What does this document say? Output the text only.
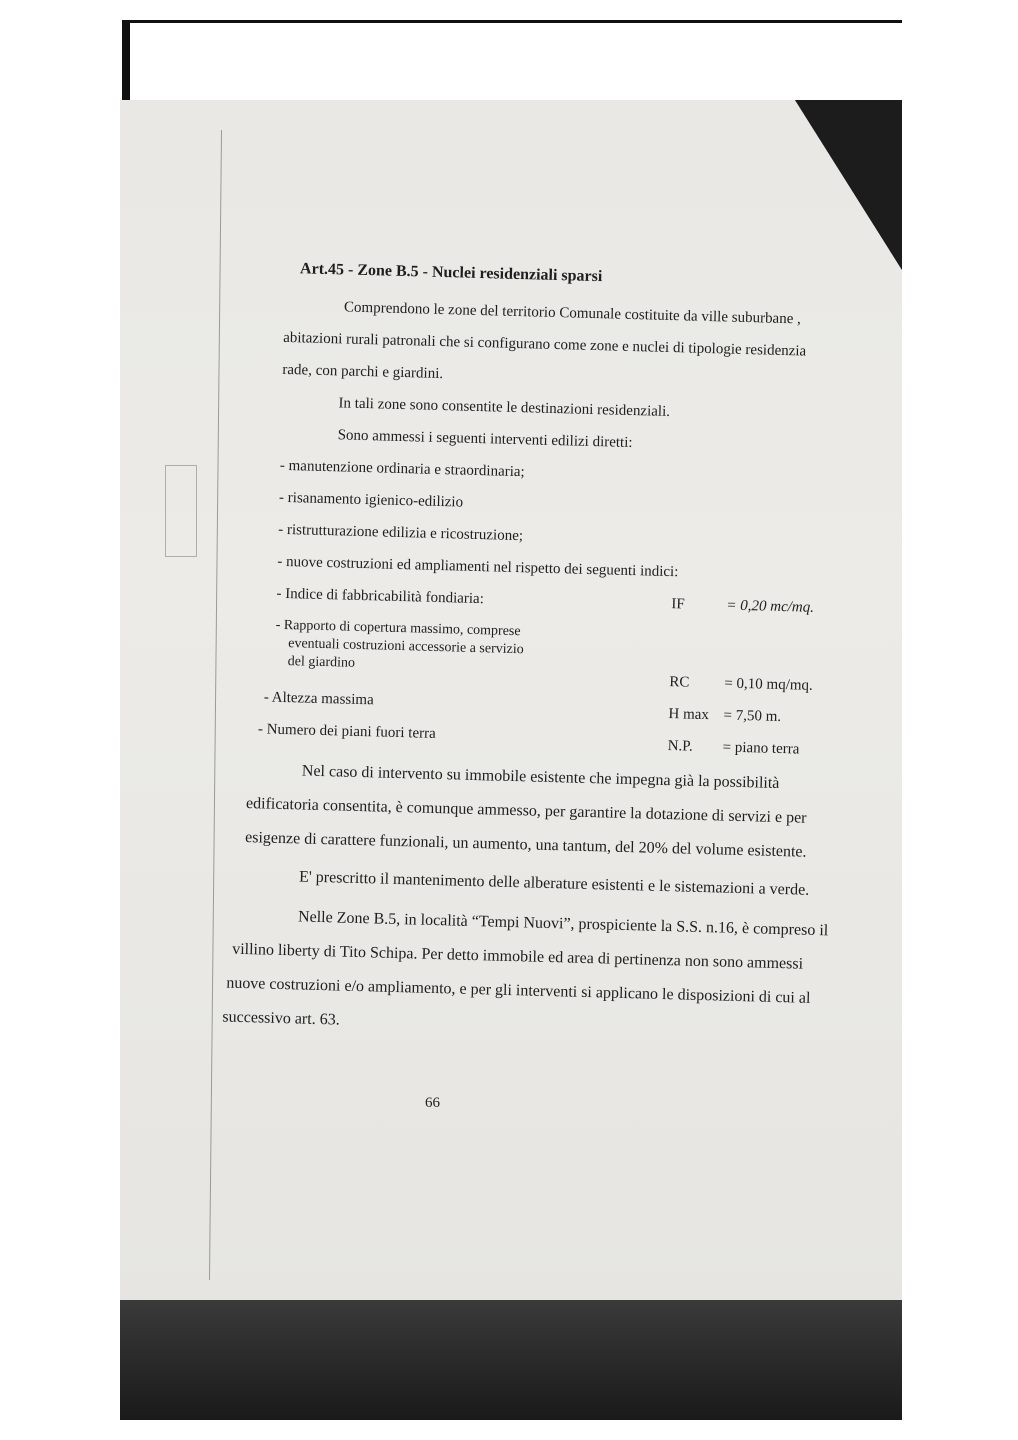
Art.45 - Zone B.5 - Nuclei residenziali sparsi
Comprendono le zone del territorio Comunale costituite da ville suburbane ,
abitazioni rurali patronali che si configurano come zone e nuclei di tipologie residenzia
rade, con parchi e giardini.
In tali zone sono consentite le destinazioni residenziali.
Sono ammessi i seguenti interventi edilizi diretti:
- manutenzione ordinaria e straordinaria;
- risanamento igienico-edilizio
- ristrutturazione edilizia e ricostruzione;
- nuove costruzioni ed ampliamenti nel rispetto dei seguenti indici:
- Indice di fabbricabilità fondiaria:	IF	= 0,20 mc/mq.
- Rapporto di copertura massimo, comprese
eventuali costruzioni accessorie a servizio
del giardino
RC = 0,10 mq/mq.
- Altezza massima
H max = 7,50 m.
- Numero dei piani fuori terra
N.P. = piano terra
Nel caso di intervento su immobile esistente che impegna già la possibilità
edificatoria consentita, è comunque ammesso, per garantire la dotazione di servizi e per
esigenze di carattere funzionali, un aumento, una tantum, del 20% del volume esistente.
E' prescritto il mantenimento delle alberature esistenti e le sistemazioni a verde.
Nelle Zone B.5, in località “Tempi Nuovi”, prospiciente la S.S. n.16, è compreso il
villino liberty di Tito Schipa. Per detto immobile ed area di pertinenza non sono ammessi
nuove costruzioni e/o ampliamento, e per gli interventi si applicano le disposizioni di cui al
successivo art. 63.
66
